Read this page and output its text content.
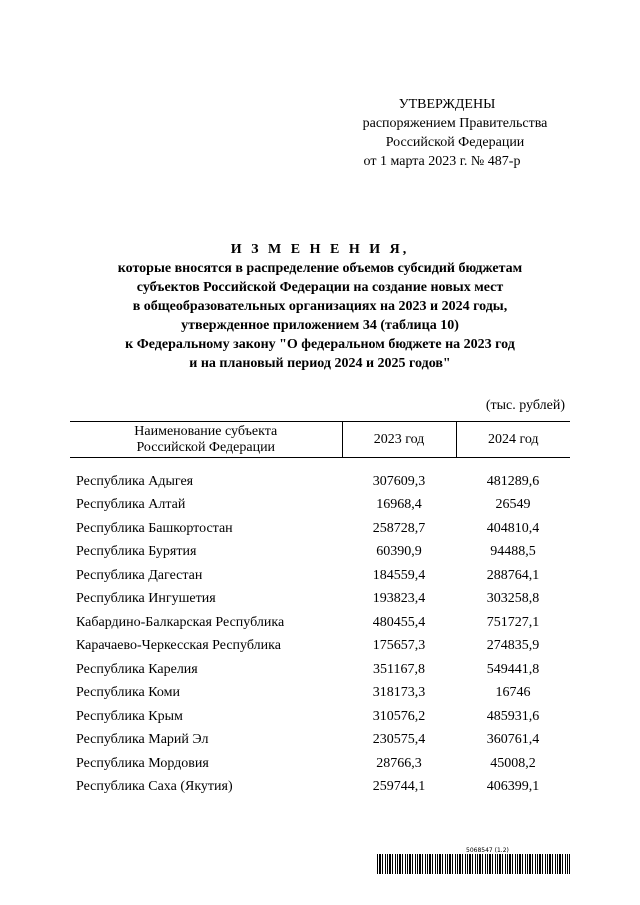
УТВЕРЖДЕНЫ
распоряжением Правительства
Российской Федерации
от 1 марта 2023 г. № 487-р
И З М Е Н Е Н И Я,
которые вносятся в распределение объемов субсидий бюджетам
субъектов Российской Федерации на создание новых мест
в общеобразовательных организациях на 2023 и 2024 годы,
утвержденное приложением 34 (таблица 10)
к Федеральному закону "О федеральном бюджете на 2023 год
и на плановый период 2024 и 2025 годов"
(тыс. рублей)
Наименование субъекта
Российской Федерации	2023 год	2024 год

Республика Адыгея	307609,3	481289,6
Республика Алтай	16968,4	26549
Республика Башкортостан	258728,7	404810,4
Республика Бурятия	60390,9	94488,5
Республика Дагестан	184559,4	288764,1
Республика Ингушетия	193823,4	303258,8
Кабардино-Балкарская Республика	480455,4	751727,1
Карачаево-Черкесская Республика	175657,3	274835,9
Республика Карелия	351167,8	549441,8
Республика Коми	318173,3	16746
Республика Крым	310576,2	485931,6
Республика Марий Эл	230575,4	360761,4
Республика Мордовия	28766,3	45008,2
Республика Саха (Якутия)	259744,1	406399,1
5068547 (1.2)
